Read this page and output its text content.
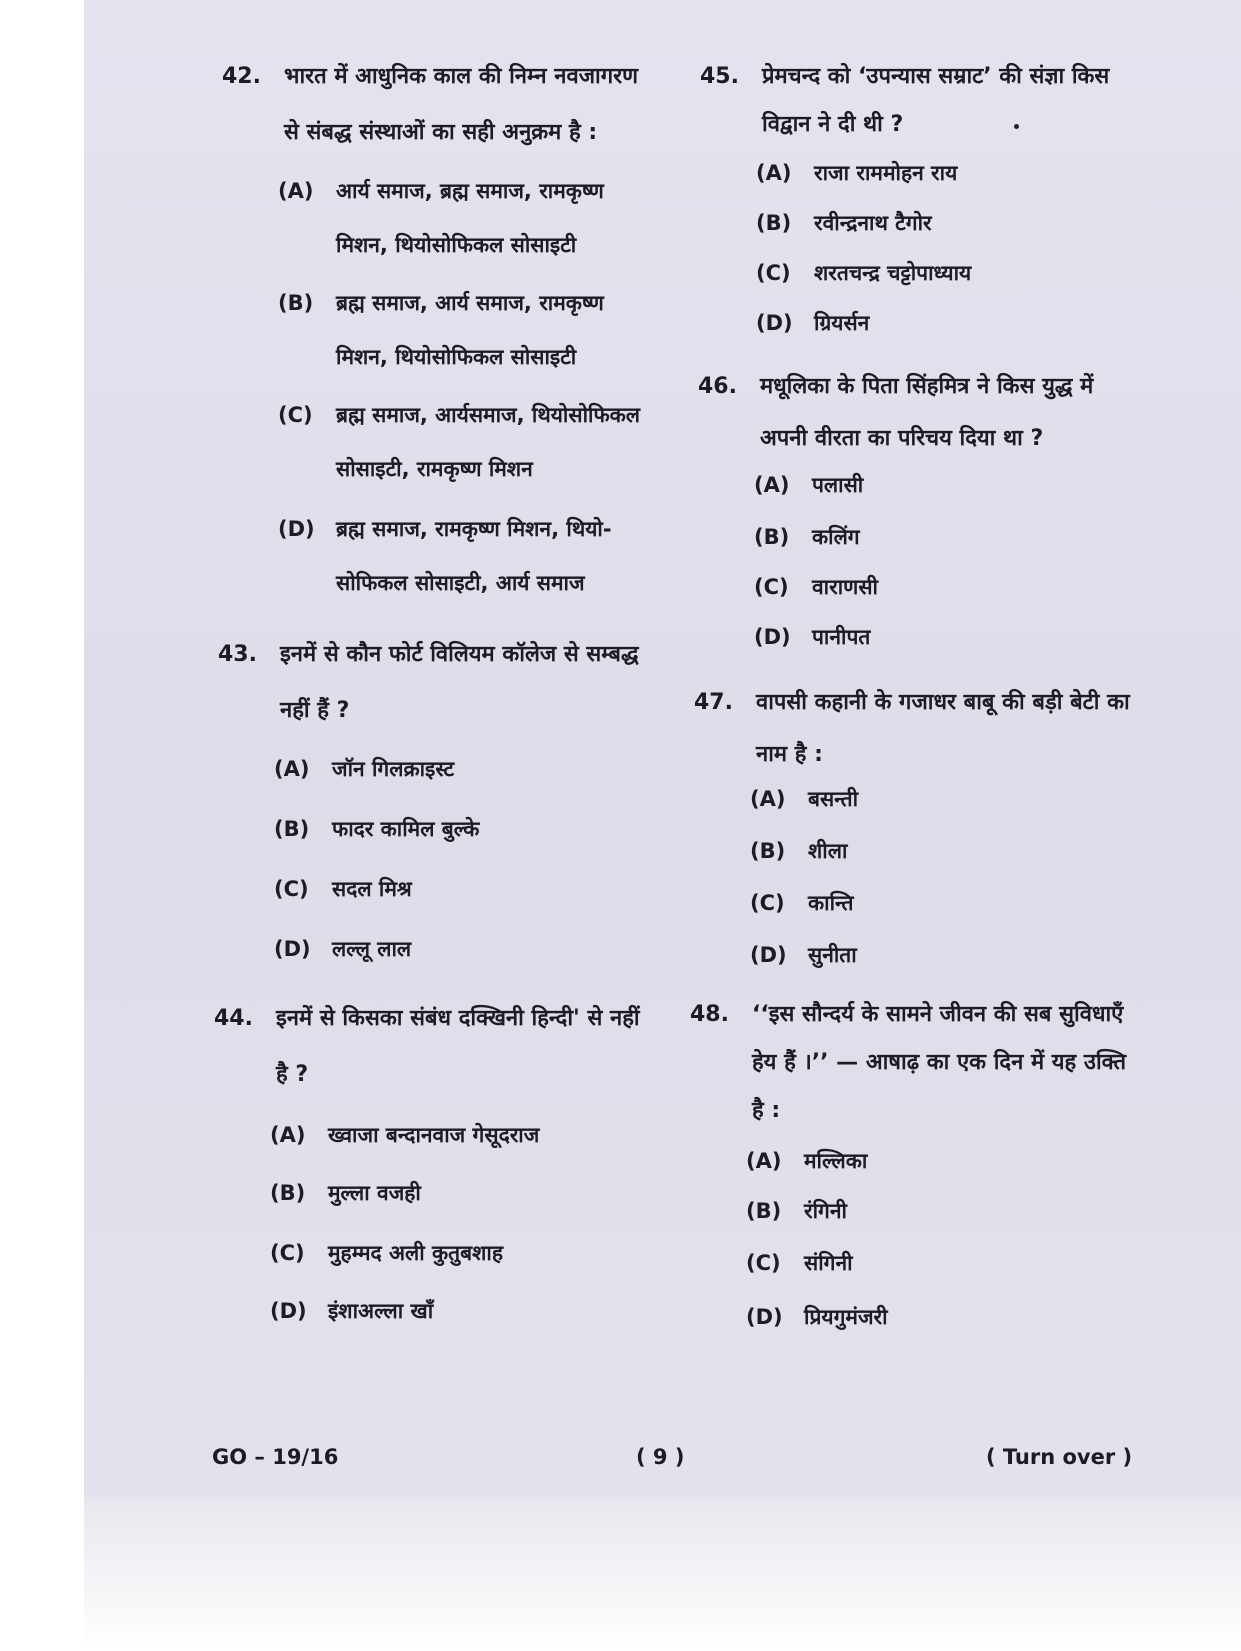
42.	भारत में आधुनिक काल की निम्न नवजागरण
से संबद्ध संस्थाओं का सही अनुक्रम है :
(A) आर्य समाज, ब्रह्म समाज, रामकृष्ण
मिशन, थियोसोफिकल सोसाइटी
(B) ब्रह्म समाज, आर्य समाज, रामकृष्ण
मिशन, थियोसोफिकल सोसाइटी
(C) ब्रह्म समाज, आर्यसमाज, थियोसोफिकल
सोसाइटी, रामकृष्ण मिशन
(D) ब्रह्म समाज, रामकृष्ण मिशन, थियो-
सोफिकल सोसाइटी, आर्य समाज
43.	इनमें से कौन फोर्ट विलियम कॉलेज से सम्बद्ध
नहीं हैं ?
(A) जॉन गिलक्राइस्ट
(B) फादर कामिल बुल्के
(C) सदल मिश्र
(D) लल्लू लाल
44.	इनमें से किसका संबंध दक्खिनी हिन्दी' से नहीं
है ?
(A) ख्वाजा बन्दानवाज गेसूदराज
(B) मुल्ला वजही
(C) मुहम्मद अली कुतुबशाह
(D) इंशाअल्ला खाँ
45.	प्रेमचन्द को ‘उपन्यास सम्राट’ की संज्ञा किस
विद्वान ने दी थी ?
(A) राजा राममोहन राय
(B) रवीन्द्रनाथ टैगोर
(C) शरतचन्द्र चट्टोपाध्याय
(D) ग्रियर्सन
46.	मधूलिका के पिता सिंहमित्र ने किस युद्ध में
अपनी वीरता का परिचय दिया था ?
(A) पलासी
(B) कलिंग
(C) वाराणसी
(D) पानीपत
47.	वापसी कहानी के गजाधर बाबू की बड़ी बेटी का
नाम है :
(A) बसन्ती
(B) शीला
(C) कान्ति
(D) सुनीता
48.	‘‘इस सौन्दर्य के सामने जीवन की सब सुविधाएँ
हेय हैं ।’’ — आषाढ़ का एक दिन में यह उक्ति
है :
(A) मल्लिका
(B) रंगिनी
(C) संगिनी
(D) प्रियगुमंजरी
GO – 19/16	( 9 )	( Turn over )
